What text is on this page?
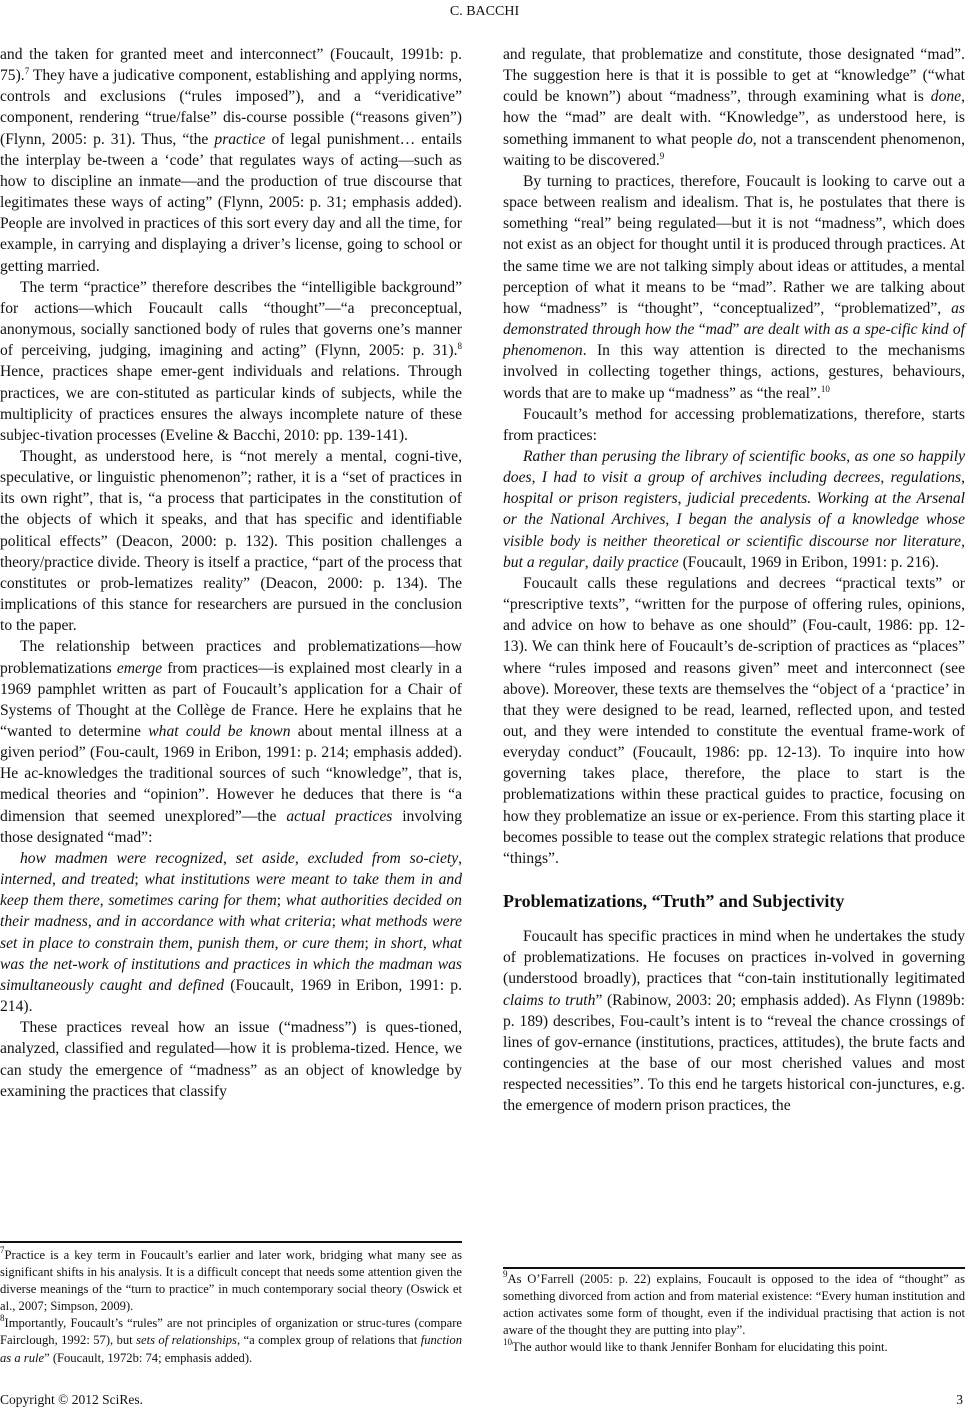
C. BACCHI

and the taken for granted meet and interconnect” (Foucault, 1991b: p. 75).$^7$ They have a judicative component, establishing and applying norms, controls and exclusions (“rules imposed”), and a “veridicative” component, rendering “true/false” dis-course possible (“reasons given”) (Flynn, 2005: p. 31). Thus, “the practice of legal punishment… entails the interplay be-tween a ‘code’ that regulates ways of acting—such as how to discipline an inmate—and the production of true discourse that legitimates these ways of acting” (Flynn, 2005: p. 31; emphasis added). People are involved in practices of this sort every day and all the time, for example, in carrying and displaying a driver’s license, going to school or getting married.

The term “practice” therefore describes the “intelligible background” for actions—which Foucault calls “thought”—“a preconceptual, anonymous, socially sanctioned body of rules that governs one’s manner of perceiving, judging, imagining and acting” (Flynn, 2005: p. 31).$^8$ Hence, practices shape emer-gent individuals and relations. Through practices, we are con-stituted as particular kinds of subjects, while the multiplicity of practices ensures the always incomplete nature of these subjec-tivation processes (Eveline & Bacchi, 2010: pp. 139-141).

Thought, as understood here, is “not merely a mental, cogni-tive, speculative, or linguistic phenomenon”; rather, it is a “set of practices in its own right”, that is, “a process that participates in the constitution of the objects of which it speaks, and that has specific and identifiable political effects” (Deacon, 2000: p. 132). This position challenges a theory/practice divide. Theory is itself a practice, “part of the process that constitutes or prob-lematizes reality” (Deacon, 2000: p. 134). The implications of this stance for researchers are pursued in the conclusion to the paper.

The relationship between practices and problematizations—how problematizations emerge from practices—is explained most clearly in a 1969 pamphlet written as part of Foucault’s application for a Chair of Systems of Thought at the Collège de France. Here he explains that he “wanted to determine what could be known about mental illness at a given period” (Fou-cault, 1969 in Eribon, 1991: p. 214; emphasis added). He ac-knowledges the traditional sources of such “knowledge”, that is, medical theories and “opinion”. However he deduces that there is “a dimension that seemed unexplored”—the actual practices involving those designated “mad”:

how madmen were recognized, set aside, excluded from so-ciety, interned, and treated; what institutions were meant to take them in and keep them there, sometimes caring for them; what authorities decided on their madness, and in accordance with what criteria; what methods were set in place to constrain them, punish them, or cure them; in short, what was the net-work of institutions and practices in which the madman was simultaneously caught and defined (Foucault, 1969 in Eribon, 1991: p. 214).

These practices reveal how an issue (“madness”) is ques-tioned, analyzed, classified and regulated—how it is problema-tized. Hence, we can study the emergence of “madness” as an object of knowledge by examining the practices that classify

and regulate, that problematize and constitute, those designated “mad”. The suggestion here is that it is possible to get at “knowledge” (“what could be known”) about “madness”, through examining what is done, how the “mad” are dealt with. “Knowledge”, as understood here, is something immanent to what people do, not a transcendent phenomenon, waiting to be discovered.$^9$

By turning to practices, therefore, Foucault is looking to carve out a space between realism and idealism. That is, he postulates that there is something “real” being regulated—but it is not “madness”, which does not exist as an object for thought until it is produced through practices. At the same time we are not talking simply about ideas or attitudes, a mental perception of what it means to be “mad”. Rather we are talking about how “madness” is “thought”, “conceptualized”, “problematized”, as demonstrated through how the “mad” are dealt with as a spe-cific kind of phenomenon. In this way attention is directed to the mechanisms involved in collecting together things, actions, gestures, behaviours, words that are to make up “madness” as “the real”.$^{10}$

Foucault’s method for accessing problematizations, therefore, starts from practices:

Rather than perusing the library of scientific books, as one so happily does, I had to visit a group of archives including decrees, regulations, hospital or prison registers, judicial precedents. Working at the Arsenal or the National Archives, I began the analysis of a knowledge whose visible body is neither theoretical or scientific discourse nor literature, but a regular, daily practice (Foucault, 1969 in Eribon, 1991: p. 216).

Foucault calls these regulations and decrees “practical texts” or “prescriptive texts”, “written for the purpose of offering rules, opinions, and advice on how to behave as one should” (Fou-cault, 1986: pp. 12-13). We can think here of Foucault’s de-scription of practices as “places” where “rules imposed and reasons given” meet and interconnect (see above). Moreover, these texts are themselves the “object of a ‘practice’ in that they were designed to be read, learned, reflected upon, and tested out, and they were intended to constitute the eventual frame-work of everyday conduct” (Foucault, 1986: pp. 12-13). To inquire into how governing takes place, therefore, the place to start is the problematizations within these practical guides to practice, focusing on how they problematize an issue or ex-perience. From this starting place it becomes possible to tease out the complex strategic relations that produce “things”.

Problematizations, “Truth” and Subjectivity

Foucault has specific practices in mind when he undertakes the study of problematizations. He focuses on practices in-volved in governing (understood broadly), practices that “con-tain institutionally legitimated claims to truth” (Rabinow, 2003: 20; emphasis added). As Flynn (1989b: p. 189) describes, Fou-cault’s intent is to “reveal the chance crossings of lines of gov-ernance (institutions, practices, attitudes), the brute facts and contingencies at the base of our most cherished values and most respected necessities”. To this end he targets historical con-junctures, e.g. the emergence of modern prison practices, the

$^7$Practice is a key term in Foucault’s earlier and later work, bridging what many see as significant shifts in his analysis. It is a difficult concept that needs some attention given the diverse meanings of the “turn to practice” in much contemporary social theory (Oswick et al., 2007; Simpson, 2009).

$^8$Importantly, Foucault’s “rules” are not principles of organization or struc-tures (compare Fairclough, 1992: 57), but sets of relationships, “a complex group of relations that function as a rule” (Foucault, 1972b: 74; emphasis added).

$^9$As O’Farrell (2005: p. 22) explains, Foucault is opposed to the idea of “thought” as something divorced from action and from material existence: “Every human institution and action activates some form of thought, even if the individual practising that action is not aware of the thought they are putting into play”.

$^{10}$The author would like to thank Jennifer Bonham for elucidating this point.

Copyright © 2012 SciRes.	3
